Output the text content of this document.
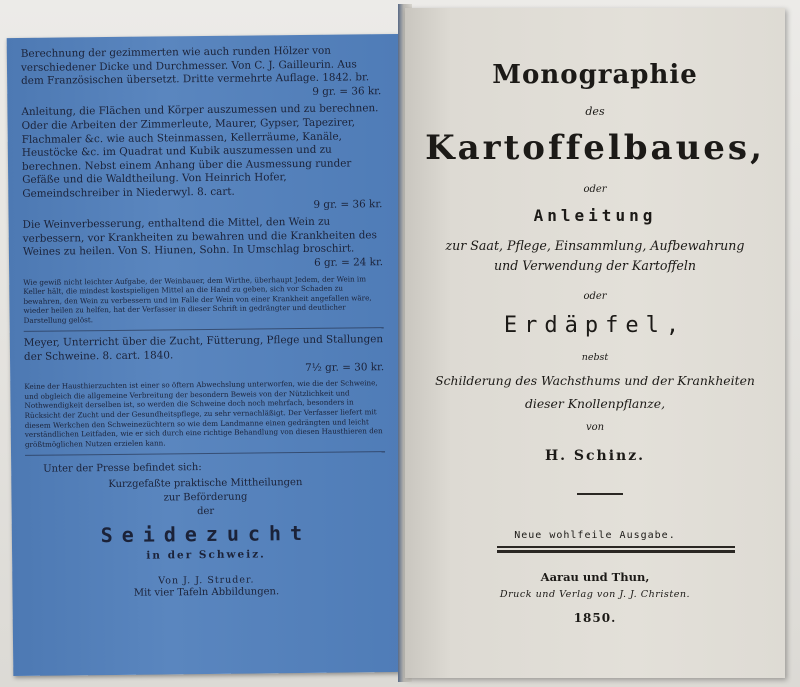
Berechnung der gezimmerten wie auch runden Hölzer von verschiedener Dicke und Durchmesser. Von C. J. Gailleurin. Aus dem Französischen übersetzt. Dritte vermehrte Auflage. 1842. br.
9 gr. = 36 kr.

Anleitung, die Flächen und Körper auszumessen und zu berechnen. Oder die Arbeiten der Zimmerleute, Maurer, Gypser, Tapezirer, Flachmaler &c. wie auch Steinmassen, Kellerräume, Kanäle, Heustöcke &c. im Quadrat und Kubik auszumessen und zu berechnen. Nebst einem Anhang über die Ausmessung runder Gefäße und die Waldtheilung. Von Heinrich Hofer, Gemeindschreiber in Niederwyl. 8. cart.
9 gr. = 36 kr.

Die Weinverbesserung, enthaltend die Mittel, den Wein zu verbessern, vor Krankheiten zu bewahren und die Krankheiten des Weines zu heilen. Von S. Hiunen, Sohn. In Umschlag broschirt.
6 gr. = 24 kr.

Wie gewiß nicht leichter Aufgabe, der Weinbauer, dem Wirthe, überhaupt Jedem, der Wein im Keller hält, die mindest kostspieligen Mittel an die Hand zu geben, sich vor Schaden zu bewahren, den Wein zu verbessern und im Falle der Wein von einer Krankheit angefallen wäre, wieder heilen zu helfen, hat der Verfasser in dieser Schrift in gedrängter und deutlicher Darstellung gelöst.

Meyer, Unterricht über die Zucht, Fütterung, Pflege und Stallungen der Schweine. 8. cart. 1840.
7½ gr. = 30 kr.

Keine der Hausthierzuchten ist einer so öftern Abwechslung unterworfen, wie die der Schweine, und obgleich die allgemeine Verbreitung der besondern Beweis von der Nützlichkeit und Nothwendigkeit derselben ist, so werden die Schweine doch noch mehrfach, besonders in Rücksicht der Zucht und der Gesundheitspflege, zu sehr vernachläßigt. Der Verfasser liefert mit diesem Werkchen den Schweinezüchtern so wie dem Landmanne einen gedrängten und leicht verständlichen Leitfaden, wie er sich durch eine richtige Behandlung von diesen Hausthieren den größtmöglichen Nutzen erzielen kann.

Unter der Presse befindet sich:
Kurzgefaßte praktische Mittheilungen
zur Beförderung
der
Seidezucht
in der Schweiz.
Von J. J. Struder.
Mit vier Tafeln Abbildungen.
Monographie
des
Kartoffelbaues,
oder
Anleitung
zur Saat, Pflege, Einsammlung, Aufbewahrung
und Verwendung der Kartoffeln
oder
Erdäpfel,
nebst
Schilderung des Wachsthums und der Krankheiten
dieser Knollenpflanze,
von
H. Schinz.
Neue wohlfeile Ausgabe.
Aarau und Thun,
Druck und Verlag von J. J. Christen.
1850.
